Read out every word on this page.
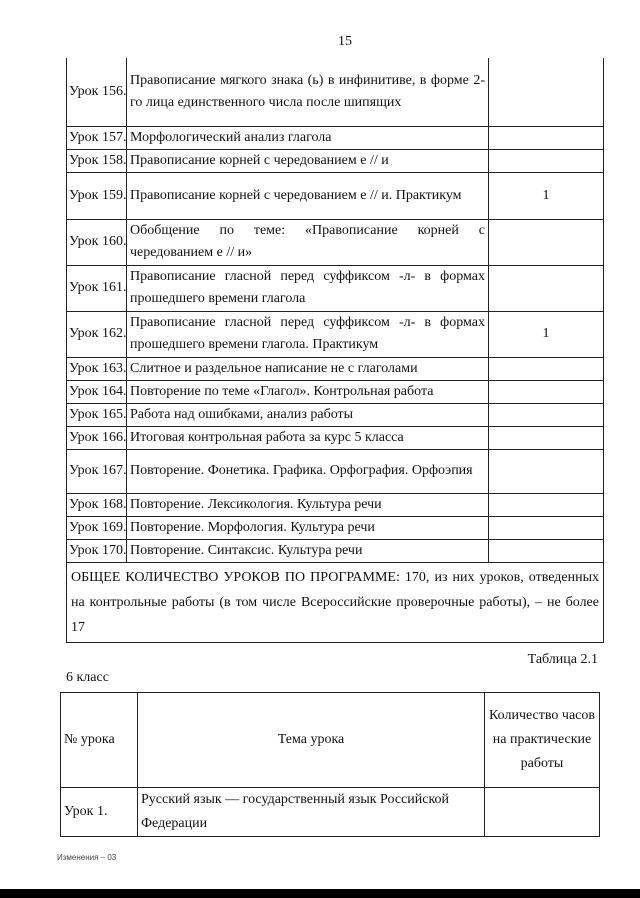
15
Урок 156.	Правописание мягкого знака (ь) в инфинитиве, в форме 2-го лица единственного числа после шипящих	
Урок 157.	Морфологический анализ глагола	
Урок 158.	Правописание корней с чередованием е // и	
Урок 159.	Правописание корней с чередованием е // и. Практикум	1
Урок 160.	Обобщение по теме: «Правописание корней с чередованием е // и»	
Урок 161.	Правописание гласной перед суффиксом -л- в формах прошедшего времени глагола	
Урок 162.	Правописание гласной перед суффиксом -л- в формах прошедшего времени глагола. Практикум	1
Урок 163.	Слитное и раздельное написание не с глаголами	
Урок 164.	Повторение по теме «Глагол». Контрольная работа	
Урок 165.	Работа над ошибками, анализ работы	
Урок 166.	Итоговая контрольная работа за курс 5 класса	
Урок 167.	Повторение. Фонетика. Графика. Орфография. Орфоэпия	
Урок 168.	Повторение. Лексикология. Культура речи	
Урок 169.	Повторение. Морфология. Культура речи	
Урок 170.	Повторение. Синтаксис. Культура речи	
ОБЩЕЕ КОЛИЧЕСТВО УРОКОВ ПО ПРОГРАММЕ: 170, из них уроков, отведенных на контрольные работы (в том числе Всероссийские проверочные работы), – не более 17		
Таблица 2.1
6 класс
№ урока	Тема урока	Количество часов на практические работы
Урок 1.	Русский язык — государственный язык Российской Федерации	
Изменения – 03
